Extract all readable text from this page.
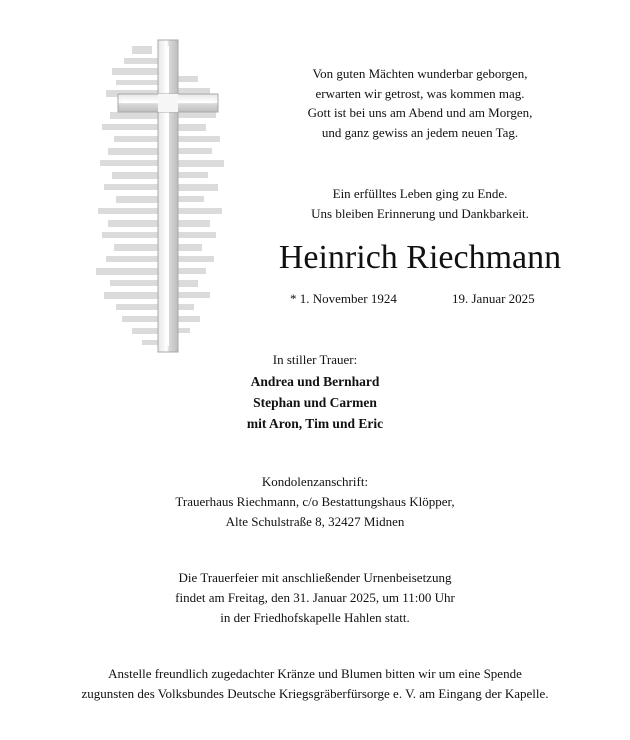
Von guten Mächten wunderbar geborgen,
erwarten wir getrost, was kommen mag.
Gott ist bei uns am Abend und am Morgen,
und ganz gewiss an jedem neuen Tag.
Ein erfülltes Leben ging zu Ende.
Uns bleiben Erinnerung und Dankbarkeit.
Heinrich Riechmann
* 1. November 1924	19. Januar 2025
In stiller Trauer:
Andrea und Bernhard
Stephan und Carmen
mit Aron, Tim und Eric
Kondolenzanschrift:
Trauerhaus Riechmann, c/o Bestattungshaus Klöpper,
Alte Schulstraße 8, 32427 Midnen
Die Trauerfeier mit anschließender Urnenbeisetzung
findet am Freitag, den 31. Januar 2025, um 11:00 Uhr
in der Friedhofskapelle Hahlen statt.
Anstelle freundlich zugedachter Kränze und Blumen bitten wir um eine Spende
zugunsten des Volksbundes Deutsche Kriegsgräberfürsorge e. V. am Eingang der Kapelle.
